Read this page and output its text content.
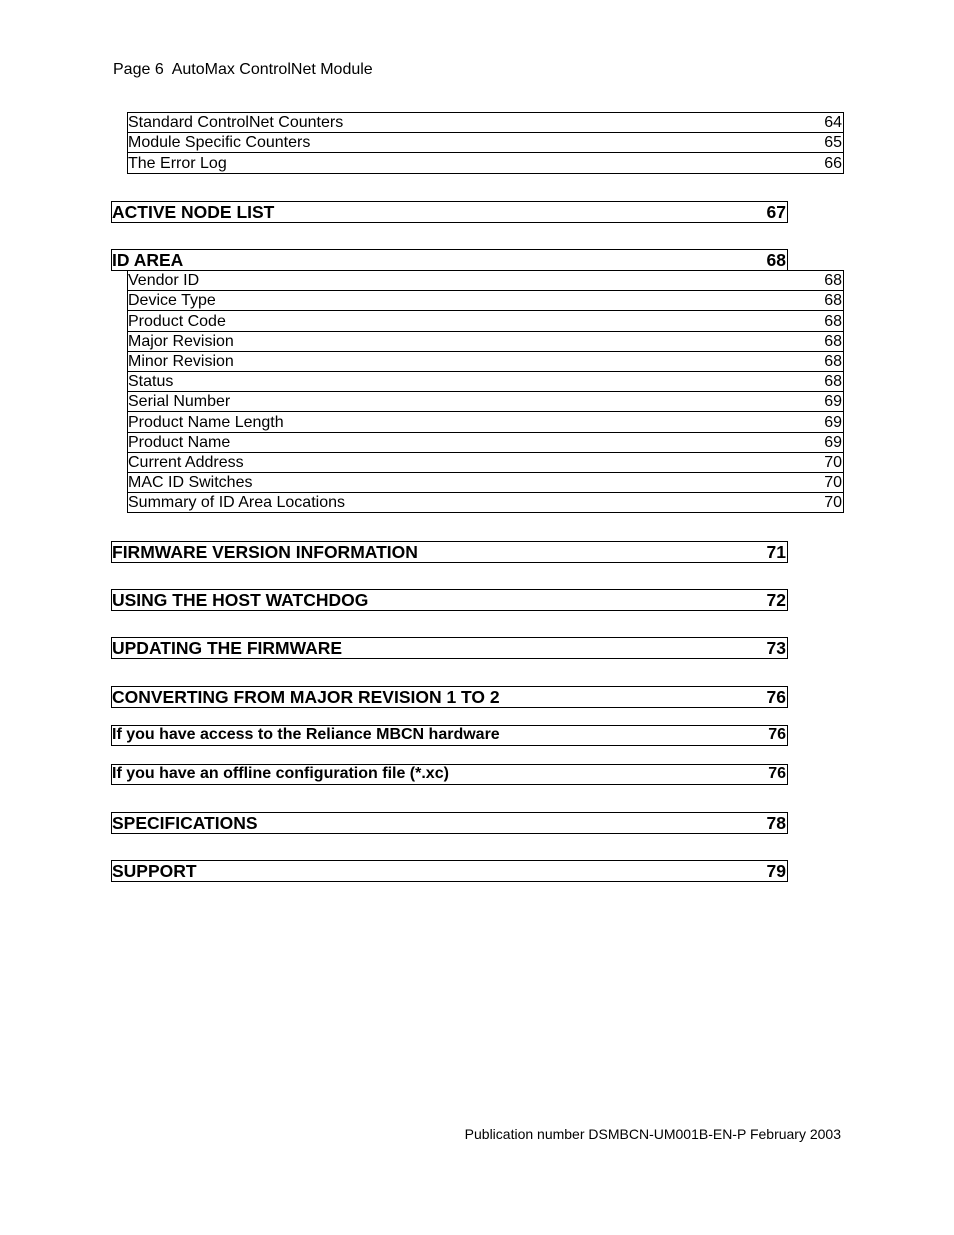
Page 6  AutoMax ControlNet Module
Standard ControlNet Counters	64
Module Specific Counters	65
The Error Log	66
ACTIVE NODE LIST	67
ID AREA	68
Vendor ID	68
Device Type	68
Product Code	68
Major Revision	68
Minor Revision	68
Status	68
Serial Number	69
Product Name Length	69
Product Name	69
Current Address	70
MAC ID Switches	70
Summary of ID Area Locations	70
FIRMWARE VERSION INFORMATION	71
USING THE HOST WATCHDOG	72
UPDATING THE FIRMWARE	73
CONVERTING FROM MAJOR REVISION 1 TO 2	76
If you have access to the Reliance MBCN hardware	76
If you have an offline configuration file (*.xc)	76
SPECIFICATIONS	78
SUPPORT	79
Publication number DSMBCN-UM001B-EN-P February 2003
